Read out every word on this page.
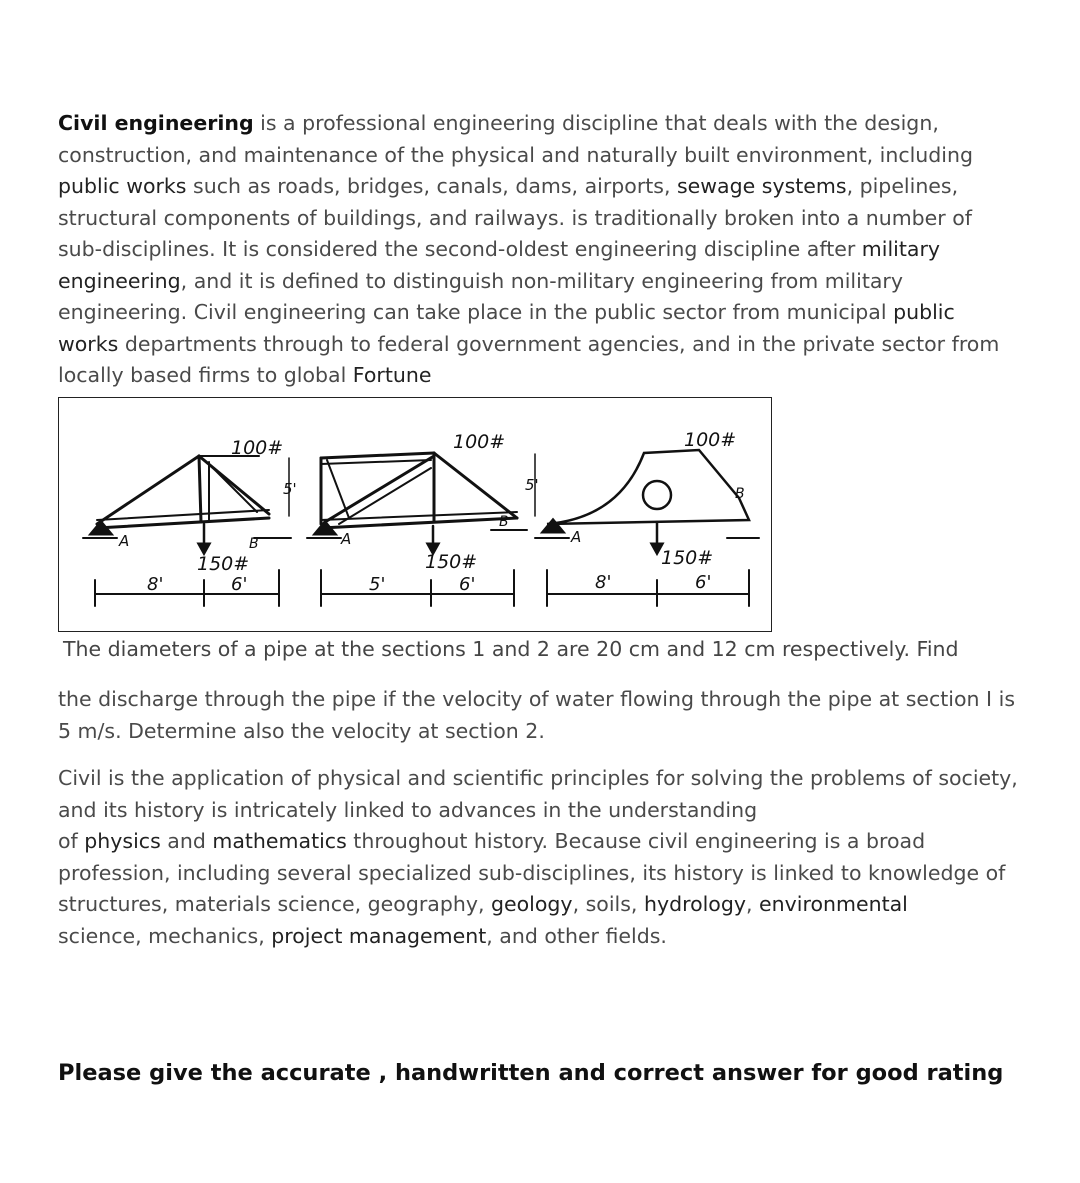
Civil engineering is a professional engineering discipline that deals with the design, construction, and maintenance of the physical and naturally built environment, including public works such as roads, bridges, canals, dams, airports, sewage systems, pipelines, structural components of buildings, and railways. is traditionally broken into a number of sub-disciplines. It is considered the second-oldest engineering discipline after military engineering, and it is defined to distinguish non-military engineering from military engineering. Civil engineering can take place in the public sector from municipal public works departments through to federal government agencies, and in the private sector from locally based firms to global Fortune

100#	100#	100#
150#	150#	150#
A	A	A
B
B
B
8'	6'	5'	6'	8'	6'
5'	5'
The diameters of a pipe at the sections 1 and 2 are 20 cm and 12 cm respectively. Find
the discharge through the pipe if the velocity of water flowing through the pipe at section I is 5 m/s. Determine also the velocity at section 2.
Civil is the application of physical and scientific principles for solving the problems of society, and its history is intricately linked to advances in the understanding
of physics and mathematics throughout history. Because civil engineering is a broad profession, including several specialized sub-disciplines, its history is linked to knowledge of structures, materials science, geography, geology, soils, hydrology, environmental
science, mechanics, project management, and other fields.
Please give the accurate , handwritten and correct answer for good rating
